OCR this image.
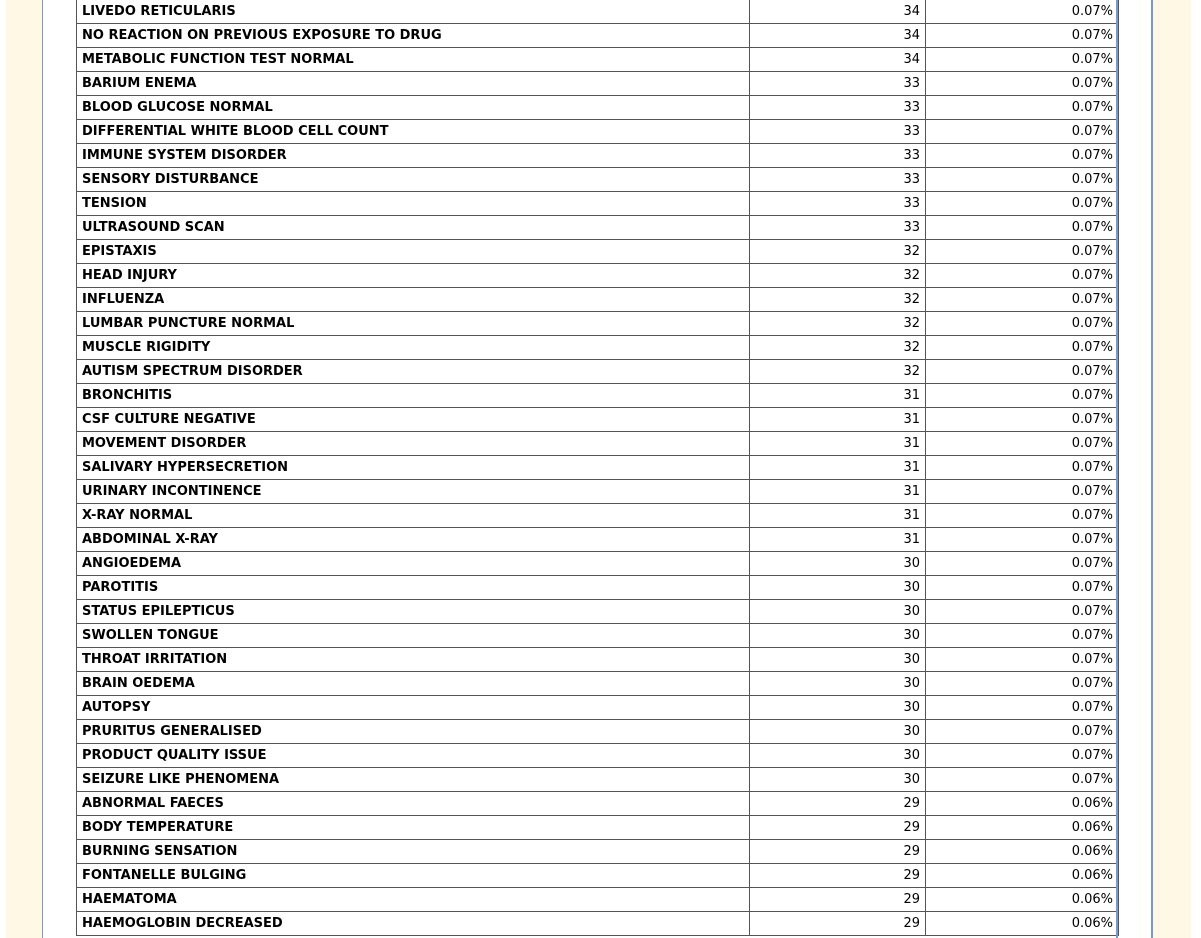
LIVEDO RETICULARIS	34	0.07%
NO REACTION ON PREVIOUS EXPOSURE TO DRUG	34	0.07%
METABOLIC FUNCTION TEST NORMAL	34	0.07%
BARIUM ENEMA	33	0.07%
BLOOD GLUCOSE NORMAL	33	0.07%
DIFFERENTIAL WHITE BLOOD CELL COUNT	33	0.07%
IMMUNE SYSTEM DISORDER	33	0.07%
SENSORY DISTURBANCE	33	0.07%
TENSION	33	0.07%
ULTRASOUND SCAN	33	0.07%
EPISTAXIS	32	0.07%
HEAD INJURY	32	0.07%
INFLUENZA	32	0.07%
LUMBAR PUNCTURE NORMAL	32	0.07%
MUSCLE RIGIDITY	32	0.07%
AUTISM SPECTRUM DISORDER	32	0.07%
BRONCHITIS	31	0.07%
CSF CULTURE NEGATIVE	31	0.07%
MOVEMENT DISORDER	31	0.07%
SALIVARY HYPERSECRETION	31	0.07%
URINARY INCONTINENCE	31	0.07%
X-RAY NORMAL	31	0.07%
ABDOMINAL X-RAY	31	0.07%
ANGIOEDEMA	30	0.07%
PAROTITIS	30	0.07%
STATUS EPILEPTICUS	30	0.07%
SWOLLEN TONGUE	30	0.07%
THROAT IRRITATION	30	0.07%
BRAIN OEDEMA	30	0.07%
AUTOPSY	30	0.07%
PRURITUS GENERALISED	30	0.07%
PRODUCT QUALITY ISSUE	30	0.07%
SEIZURE LIKE PHENOMENA	30	0.07%
ABNORMAL FAECES	29	0.06%
BODY TEMPERATURE	29	0.06%
BURNING SENSATION	29	0.06%
FONTANELLE BULGING	29	0.06%
HAEMATOMA	29	0.06%
HAEMOGLOBIN DECREASED	29	0.06%
